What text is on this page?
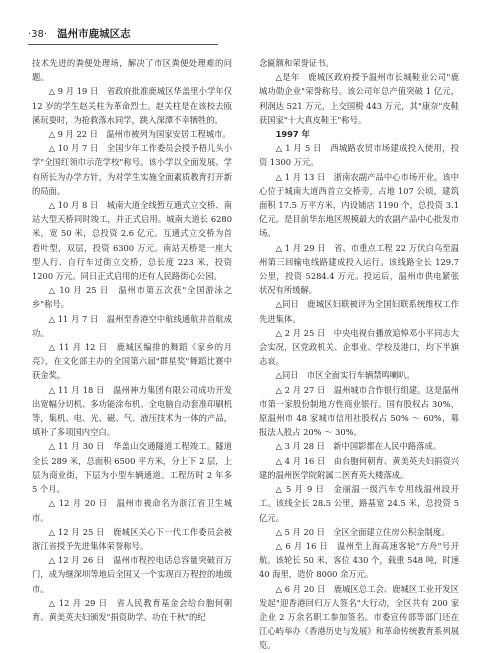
·38· 温州市鹿城区志

技术先进的粪便处理场，解决了市区粪便处理难的问题。

△ 9 月 19 日　省政府批准鹿城区华盖里小学年仅 12 岁的学生赵关柱为革命烈士。赵关柱是在该校去瓯溪玩耍时，为抢救落水同学，跳入深潭不幸牺牲的。

△ 9 月 22 日　温州市被列为国家安居工程城市。

△ 10 月 7 日　全国少年工作委员会授予梧儿头小学"全国红领巾示范学校"称号。该小学以全面发展、学有所长为办学方针，为对学生实施全面素质教育打开新的局面。

△ 10 月 8 日　城南大道全线暂互通式立交桥、南站大型天桥同时竣工，并正式启用。城南大道长 6280 米，宽 50 米，总投资 2.6 亿元。互通式立交桥为首看叶型，双层，投资 6300 万元。南站天桥是一座大型人行、自行车过街立交桥，总长度 223 米，投资 1200 万元。同日正式启用的还有人民路街心公园。

△ 10 月 25 日　温州市第五次获"全国游泳之乡"称号。

△ 11 月 7 日　温州至香港空中航线通航并首航成功。

△ 11 月 12 日　鹿城区编排的舞蹈《家乡的月亮》，在文化部主办的全国第六届"群星奖"舞蹈比赛中获金奖。

△ 11 月 18 日　温州神力集团有限公司成功开发出宽幅分切机、多功能涂布机、全电脑自动套准印刷机等，集机、电、光、磁、气、液压技术为一体的产品，填补了多项国内空白。

△ 11 月 30 日　华盖山交通隧道工程竣工。隧道全长 289 米，总面积 6500 平方米，分上下 2 层，上层为商业街，下层为小型车辆通道。工程历时 2 年多 5 个月。

△ 12 月 20 日　温州市被命名为浙江省卫生城市。

△ 12 月 25 日　鹿城区关心下一代工作委员会被浙江省授予先进集体荣誉称号。

△ 12 月 26 日　温州市程控电话总容量突破百万门，成为继深圳等地后全国又一个实现百万程控的地级市。

△ 12 月 29 日　省人民教育基金会给台胞何朝育、黄美英夫妇颁发"捐资助学、功在千秋"的纪

念匾额和荣誉证书。

△是年　鹿城区政府授予温州市长城鞋业公司"鹿城功勋企业"荣誉称号。该公司年总产值突破 1 亿元，利润达 521 万元，上交国税 443 万元，其"康奈"皮鞋获国家"十大真皮鞋王"称号。

1997 年

△ 1 月 5 日　西城路农贸市场建成投入使用，投资 1300 万元。

△ 1 月 13 日　浙南农副产品中心市场开业。该中心位于城南大道西首立交桥旁，占地 107 公顷，建筑面积 17.5 万平方米，内设铺店 1190 个，总投资 3.1 亿元。是目前华东地区规模最大的农副产品中心批发市场。

△ 1 月 29 日　省、市重点工程 22 万伏白乌至温州第三回输电线路建成投入运行。该线路全长 129.7 公里，投资 5284.4 万元。投运后，温州市供电紧张状况有所缓解。

△同日　鹿城区妇联被评为全国妇联系统维权工作先进集体。

△ 2 月 25 日　中央电视台播放追悼邓小平同志大会实况，区党政机关、企事业、学校及港口，均下半旗志哀。

△同日　市区全面实行车辆禁鸣喇叭。

△ 2 月 27 日　温州城市合作银行组建。这是温州市第一家股份制地方性商业银行。国有股权占 30%，原温州市 48 家城市信用社股权占 50% ～ 60%，募报法人股占 20% ～ 30%。

△ 3 月 28 日　新中国影都在人民中路落成。

△ 4 月 16 日　由台胞何朝育、黄美英夫妇捐资兴建的温州医学院附属二医育英大楼落成。

△ 5 月 9 日　金丽温一级汽车专用线温州段开工。该线全长 28.5 公里，路基宽 24.5 米，总投资 5 亿元。

△ 5 月 20 日　全区全面建立住房公积金制度。

△ 6 月 16 日　温州至上海高速客轮"方舟"号开航。该轮长 50 米，客位 430 个，载重 548 吨，时速 40 海里，造价 8000 余万元。

△ 6 月 20 日　鹿城区总工会、鹿城区工业开发区发起"迎香港回归万人签名"大行动，全区共有 200 家企业 2 万余名职工参加签名。市委宣传部等部门还在江心屿举办《香港历史与发展》和革命传统教育系列展览。
